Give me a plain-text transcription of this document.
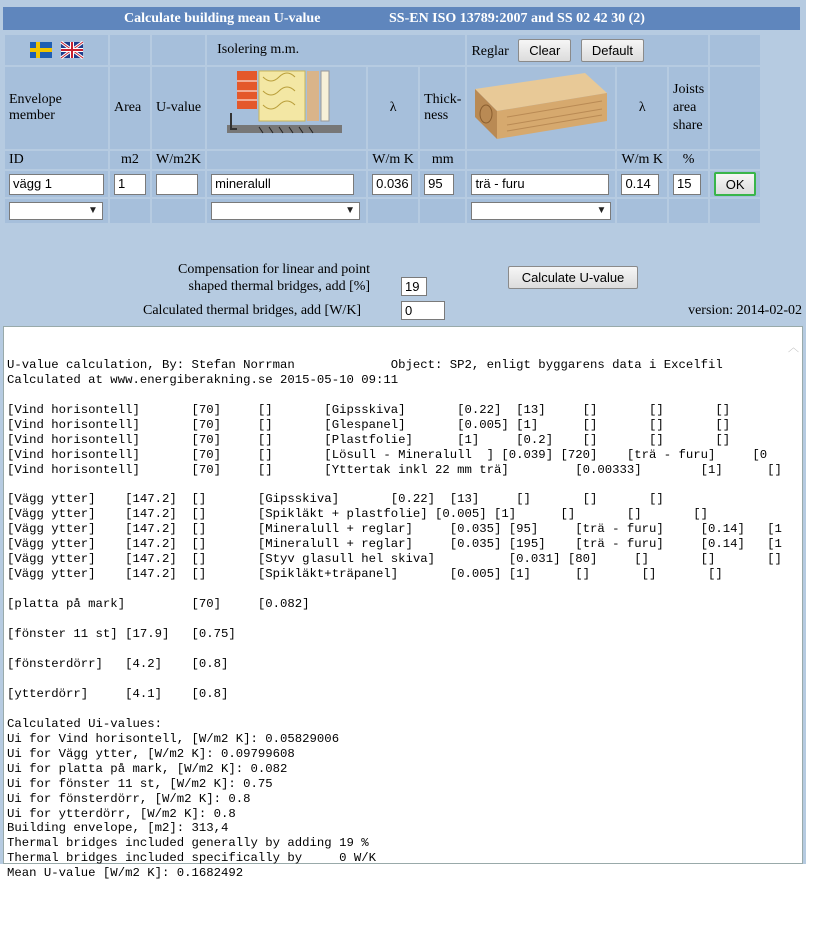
Calculate building mean U-value	SS-EN ISO 13789:2007 and SS 02 42 30 (2)
			Isolering m.m.			Reglar Clear Default			
Envelope member	Area	U-value		λ	Thick-ness		λ	Joists area share	
ID	m2	W/m2K		W/m K	mm		W/m K	%	

vägg 1	1		mineralull	0.036	95	trä - furu	0.14	15	OK

▼			▼			▼			

Compensation for linear and point
shaped thermal bridges, add [%]	19
Calculated thermal bridges, add [W/K]	0
Calculate U-value
version: 2014-02-02

U-value calculation, By: Stefan Norrman             Object: SP2, enligt byggarens data i Excelfil
Calculated at www.energiberakning.se 2015-05-10 09:11

[Vind horisontell]       [70]     []       [Gipsskiva]       [0.22]  [13]     []       []       []
[Vind horisontell]       [70]     []       [Glespanel]       [0.005] [1]      []       []       []
[Vind horisontell]       [70]     []       [Plastfolie]      [1]     [0.2]    []       []       []
[Vind horisontell]       [70]     []       [Lösull - Mineralull  ] [0.039] [720]    [trä - furu]     [0
[Vind horisontell]       [70]     []       [Yttertak inkl 22 mm trä]         [0.00333]        [1]      []

[Vägg ytter]    [147.2]  []       [Gipsskiva]       [0.22]  [13]     []       []       []
[Vägg ytter]    [147.2]  []       [Spikläkt + plastfolie] [0.005] [1]      []       []       []
[Vägg ytter]    [147.2]  []       [Mineralull + reglar]     [0.035] [95]     [trä - furu]     [0.14]   [1
[Vägg ytter]    [147.2]  []       [Mineralull + reglar]     [0.035] [195]    [trä - furu]     [0.14]   [1
[Vägg ytter]    [147.2]  []       [Styv glasull hel skiva]          [0.031] [80]     []       []       []
[Vägg ytter]    [147.2]  []       [Spikläkt+träpanel]       [0.005] [1]      []       []       []

[platta på mark]         [70]     [0.082]

[fönster 11 st] [17.9]   [0.75]

[fönsterdörr]   [4.2]    [0.8]

[ytterdörr]     [4.1]    [0.8]

Calculated Ui-values:
Ui for Vind horisontell, [W/m2 K]: 0.05829006
Ui for Vägg ytter, [W/m2 K]: 0.09799608
Ui for platta på mark, [W/m2 K]: 0.082
Ui for fönster 11 st, [W/m2 K]: 0.75
Ui for fönsterdörr, [W/m2 K]: 0.8
Ui for ytterdörr, [W/m2 K]: 0.8
Building envelope, [m2]: 313,4
Thermal bridges included generally by adding 19 %
Thermal bridges included specifically by     0 W/K
Mean U-value [W/m2 K]: 0.1682492

︿
